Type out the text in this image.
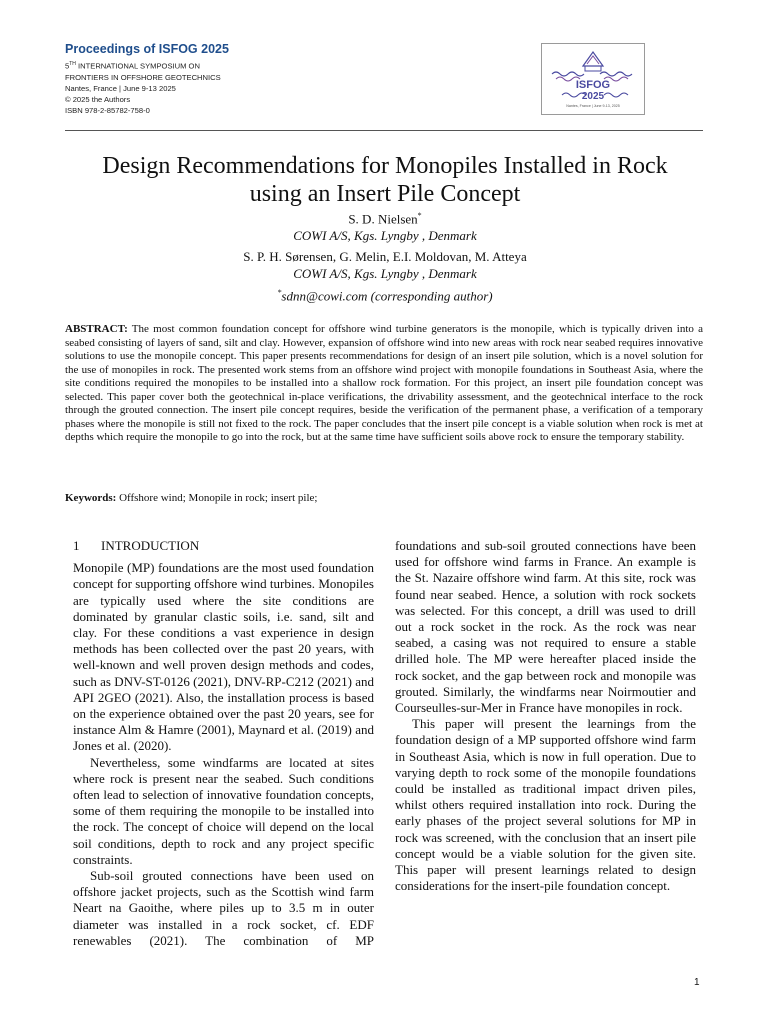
Proceedings of ISFOG 2025
5TH INTERNATIONAL SYMPOSIUM ON
FRONTIERS IN OFFSHORE GEOTECHNICS
Nantes, France | June 9-13 2025
© 2025 the Authors
ISBN 978-2-85782-758-0
ISFOG
2025
Nantes, France | June 9-13, 2025
Design Recommendations for Monopiles Installed in Rock
using an Insert Pile Concept
S. D. Nielsen*
COWI A/S, Kgs. Lyngby , Denmark
S. P. H. Sørensen, G. Melin, E.I. Moldovan, M. Atteya
COWI A/S, Kgs. Lyngby , Denmark
*sdnn@cowi.com (corresponding author)

ABSTRACT: The most common foundation concept for offshore wind turbine generators is the monopile, which is typically driven into a seabed consisting of layers of sand, silt and clay. However, expansion of offshore wind into new areas with rock near seabed requires innovative solutions to use the monopile concept. This paper presents recommendations for design of an insert pile solution, which is a novel solution for the use of monopiles in rock. The presented work stems from an offshore wind project with monopile foundations in Southeast Asia, where the site conditions required the monopiles to be installed into a shallow rock formation. For this project, an insert pile foundation concept was selected. This paper cover both the geotechnical in-place verifications, the drivability assessment, and the geotechnical interface to the rock through the grouted connection. The insert pile concept requires, beside the verification of the permanent phase, a verification of a temporary phases where the monopile is still not fixed to the rock. The paper concludes that the insert pile concept is a viable solution when rock is met at depths which require the monopile to go into the rock, but at the same time have sufficient soils above rock to ensure the temporary stability.

Keywords: Offshore wind; Monopile in rock; insert pile;

1 INTRODUCTION

Monopile (MP) foundations are the most used foundation concept for supporting offshore wind turbines. Monopiles are typically used where the site conditions are dominated by granular clastic soils, i.e. sand, silt and clay. For these conditions a vast experience in design methods has been collected over the past 20 years, with well-known and well proven design methods and codes, such as DNV-ST-0126 (2021), DNV-RP-C212 (2021) and API 2GEO (2021). Also, the installation process is based on the experience obtained over the past 20 years, see for instance Alm & Hamre (2001), Maynard et al. (2019) and Jones et al. (2020).

Nevertheless, some windfarms are located at sites where rock is present near the seabed. Such conditions often lead to selection of innovative foundation concepts, some of them requiring the monopile to be installed into the rock. The concept of choice will depend on the local soil conditions, depth to rock and any project specific constraints.

Sub-soil grouted connections have been used on offshore jacket projects, such as the Scottish wind farm Neart na Gaoithe, where piles up to 3.5 m in outer diameter was installed in a rock socket, cf. EDF renewables (2021). The combination of MP

foundations and sub-soil grouted connections have been used for offshore wind farms in France. An example is the St. Nazaire offshore wind farm. At this site, rock was found near seabed. Hence, a solution with rock sockets was selected. For this concept, a drill was used to drill out a rock socket in the rock. As the rock was near seabed, a casing was not required to ensure a stable drilled hole. The MP were hereafter placed inside the rock socket, and the gap between rock and monopile was grouted. Similarly, the windfarms near Noirmoutier and Courseulles-sur-Mer in France have monopiles in rock.

This paper will present the learnings from the foundation design of a MP supported offshore wind farm in Southeast Asia, which is now in full operation. Due to varying depth to rock some of the monopile foundations could be installed as traditional impact driven piles, whilst others required installation into rock. During the early phases of the project several solutions for MP in rock was screened, with the conclusion that an insert pile concept would be a viable solution for the given site. This paper will present learnings related to design considerations for the insert-pile foundation concept.

1
